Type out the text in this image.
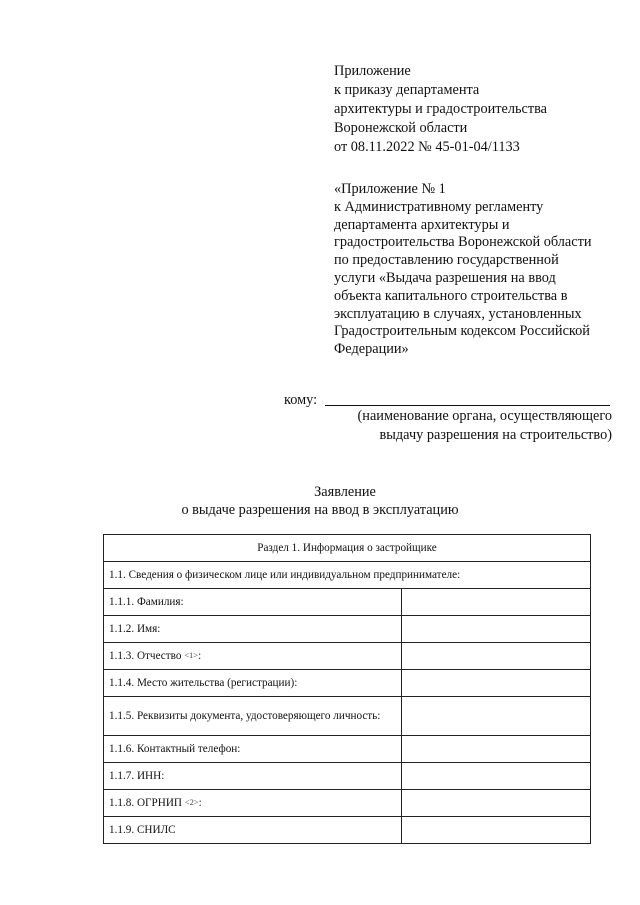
Приложение
к приказу департамента
архитектуры и градостроительства
Воронежской области
от 08.11.2022 № 45-01-04/1133
«Приложение № 1
к Административному регламенту
департамента архитектуры и
градостроительства Воронежской области
по предоставлению государственной
услуги «Выдача разрешения на ввод
объекта капитального строительства в
эксплуатацию в случаях, установленных
Градостроительным кодексом Российской
Федерации»
кому:
(наименование органа, осуществляющего
выдачу разрешения на строительство)
Заявление
о выдаче разрешения на ввод в эксплуатацию
Раздел 1. Информация о застройщике	
1.1. Сведения о физическом лице или индивидуальном предпринимателе:	
1.1.1. Фамилия:	
1.1.2. Имя:	
1.1.3. Отчество <1>:	
1.1.4. Место жительства (регистрации):	
1.1.5. Реквизиты документа, удостоверяющего личность:	
1.1.6. Контактный телефон:	
1.1.7. ИНН:	
1.1.8. ОГРНИП <2>:	
1.1.9. СНИЛС	
